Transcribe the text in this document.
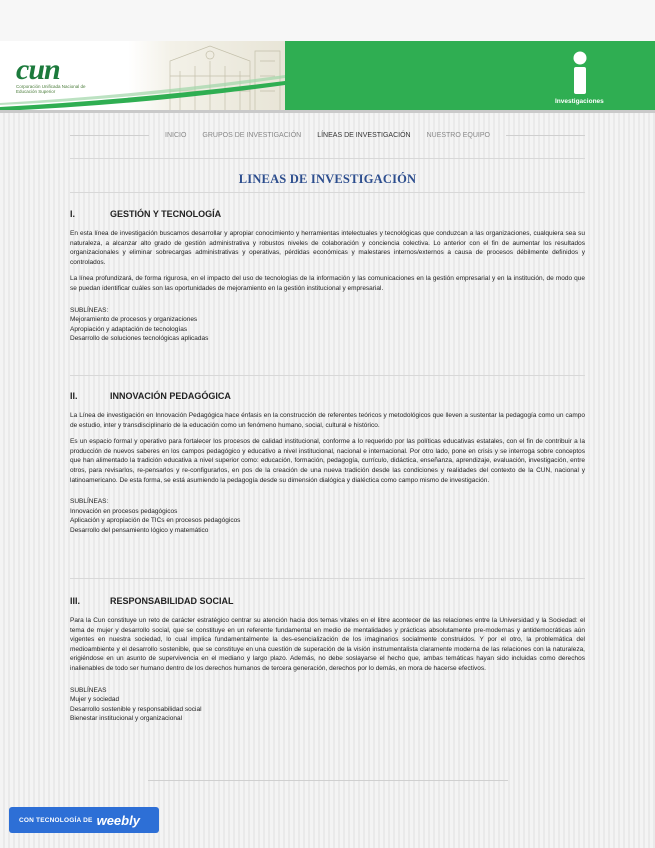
cun
Corporación Unificada Nacional de Educación Superior
Investigaciones
INICIO GRUPOS DE INVESTIGACIÓN LÍNEAS DE INVESTIGACIÓN NUESTRO EQUIPO
LINEAS DE INVESTIGACIÓN
I.	GESTIÓN Y TECNOLOGÍA

En esta línea de investigación buscamos desarrollar y apropiar conocimiento y herramientas intelectuales y tecnológicas que conduzcan a las organizaciones, cualquiera sea su naturaleza, a alcanzar alto grado de gestión administrativa y robustos niveles de colaboración y conciencia colectiva. Lo anterior con el fin de aumentar los resultados organizacionales y eliminar sobrecargas administrativas y operativas, pérdidas económicas y malestares internos/externos a causa de procesos débilmente definidos y controlados.

La línea profundizará, de forma rigurosa, en el impacto del uso de tecnologías de la información y las comunicaciones en la gestión empresarial y en la institución, de modo que se puedan identificar cuáles son las oportunidades de mejoramiento en la gestión institucional y empresarial.

SUBLÍNEAS:
Mejoramiento de procesos y organizaciones
Apropiación y adaptación de tecnologías
Desarrollo de soluciones tecnológicas aplicadas
II.	INNOVACIÓN PEDAGÓGICA

La Línea de investigación en Innovación Pedagógica hace énfasis en la construcción de referentes teóricos y metodológicos que lleven a sustentar la pedagogía como un campo de estudio, inter y transdisciplinario de la educación como un fenómeno humano, social, cultural e histórico.

Es un espacio formal y operativo para fortalecer los procesos de calidad institucional, conforme a lo requerido por las políticas educativas estatales, con el fin de contribuir a la producción de nuevos saberes en los campos pedagógico y educativo a nivel institucional, nacional e internacional. Por otro lado, pone en crisis y se interroga sobre conceptos que han alimentado la tradición educativa a nivel superior como: educación, formación, pedagogía, currículo, didáctica, enseñanza, aprendizaje, evaluación, investigación, entre otros, para revisarlos, re-pensarlos y re-configurarlos, en pos de la creación de una nueva tradición desde las condiciones y realidades del contexto de la CUN, nacional y latinoamericano. De esta forma, se está asumiendo la pedagogía desde su dimensión dialógica y dialéctica como campo mismo de investigación.

SUBLÍNEAS:
Innovación en procesos pedagógicos
Aplicación y apropiación de TICs en procesos pedagógicos
Desarrollo del pensamiento lógico y matemático
III.	RESPONSABILIDAD SOCIAL

Para la Cun constituye un reto de carácter estratégico centrar su atención hacia dos temas vitales en el libre acontecer de las relaciones entre la Universidad y la Sociedad: el tema de mujer y desarrollo social, que se constituye en un referente fundamental en medio de mentalidades y prácticas absolutamente pre-modernas y antidemocráticas aún vigentes en nuestra sociedad, lo cual implica fundamentalmente la des-esencialización de los imaginarios socialmente construidos. Y por el otro, la problemática del medioambiente y el desarrollo sostenible, que se constituye en una cuestión de superación de la visión instrumentalista claramente moderna de las relaciones con la naturaleza, erigiéndose en un asunto de supervivencia en el mediano y largo plazo. Además, no debe soslayarse el hecho que, ambas temáticas hayan sido incluidas como derechos inalienables de todo ser humano dentro de los derechos humanos de tercera generación, derechos por lo demás, en mora de hacerse efectivos.

SUBLÍNEAS
Mujer y sociedad
Desarrollo sostenible y responsabilidad social
Bienestar institucional y organizacional
CON TECNOLOGÍA DE weebly
